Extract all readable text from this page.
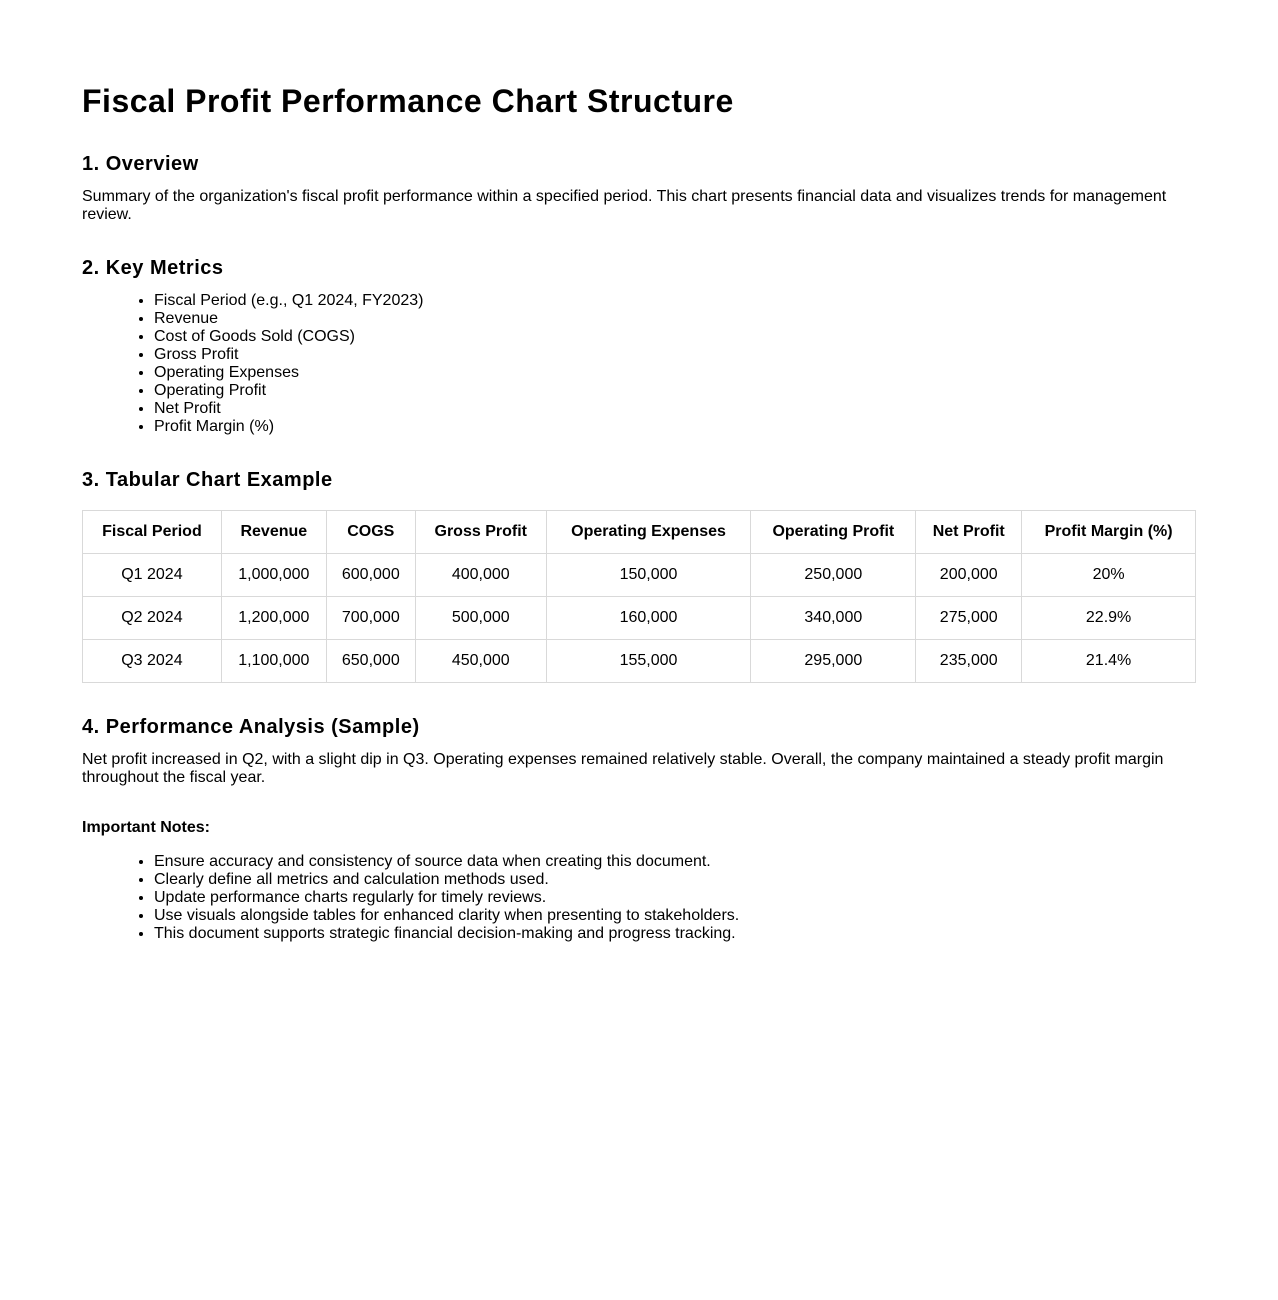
Fiscal Profit Performance Chart Structure
1. Overview

Summary of the organization's fiscal profit performance within a specified period. This chart presents financial data and visualizes trends for management review.

2. Key Metrics
• Fiscal Period (e.g., Q1 2024, FY2023)
• Revenue
• Cost of Goods Sold (COGS)
• Gross Profit
• Operating Expenses
• Operating Profit
• Net Profit
• Profit Margin (%)
3. Tabular Chart Example
Fiscal Period	Revenue	COGS	Gross Profit	Operating Expenses	Operating Profit	Net Profit	Profit Margin (%)
Q1 2024	1,000,000	600,000	400,000	150,000	250,000	200,000	20%
Q2 2024	1,200,000	700,000	500,000	160,000	340,000	275,000	22.9%
Q3 2024	1,100,000	650,000	450,000	155,000	295,000	235,000	21.4%
4. Performance Analysis (Sample)

Net profit increased in Q2, with a slight dip in Q3. Operating expenses remained relatively stable. Overall, the company maintained a steady profit margin throughout the fiscal year.

Important Notes:
• Ensure accuracy and consistency of source data when creating this document.
• Clearly define all metrics and calculation methods used.
• Update performance charts regularly for timely reviews.
• Use visuals alongside tables for enhanced clarity when presenting to stakeholders.
• This document supports strategic financial decision-making and progress tracking.
